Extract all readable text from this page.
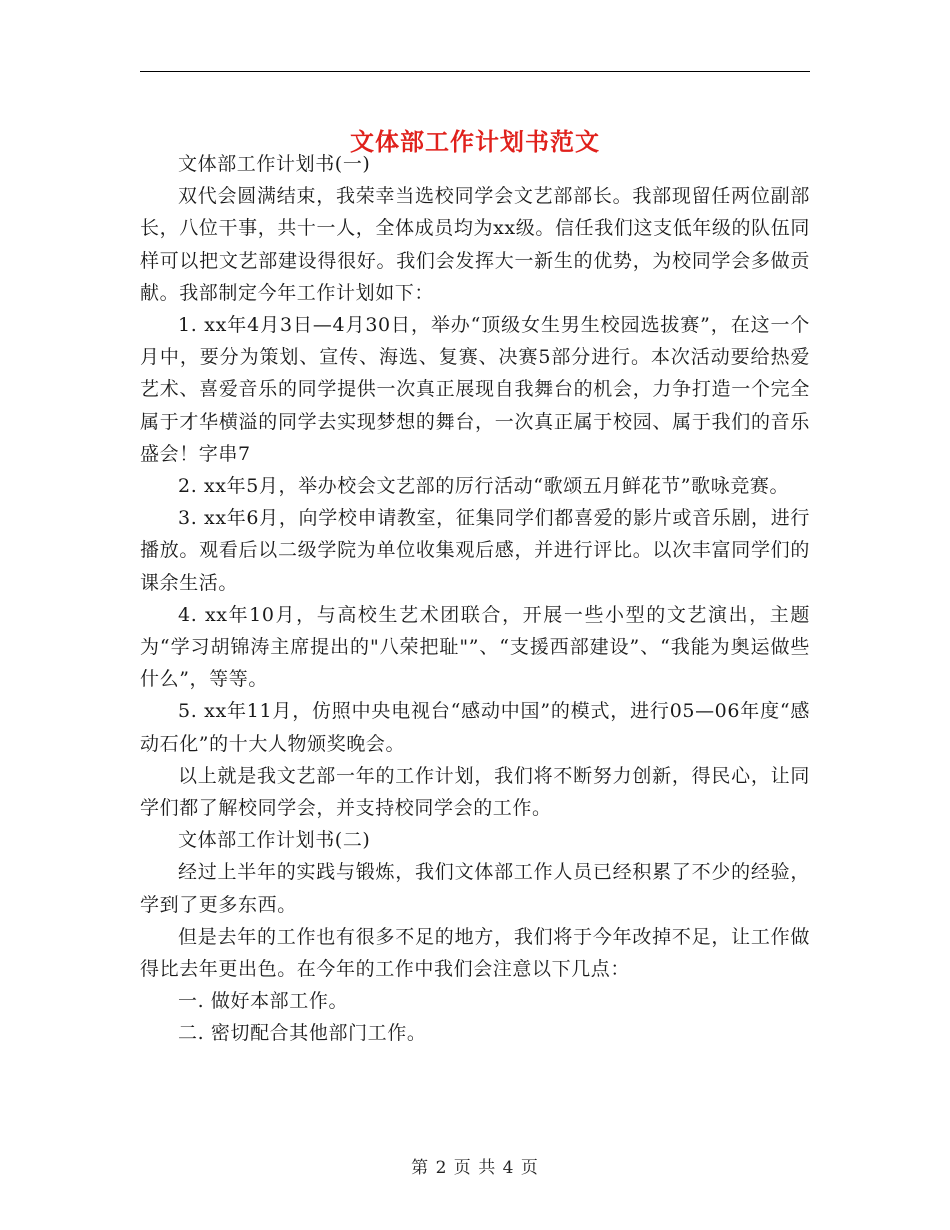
文体部工作计划书范文

文体部工作计划书(一)

双代会圆满结束，我荣幸当选校同学会文艺部部长。我部现留任两位副部长，八位干事，共十一人，全体成员均为xx级。信任我们这支低年级的队伍同样可以把文艺部建设得很好。我们会发挥大一新生的优势，为校同学会多做贡献。我部制定今年工作计划如下：

1. xx年4月3日—4月30日，举办“顶级女生男生校园选拔赛”，在这一个月中，要分为策划、宣传、海选、复赛、决赛5部分进行。本次活动要给热爱艺术、喜爱音乐的同学提供一次真正展现自我舞台的机会，力争打造一个完全属于才华横溢的同学去实现梦想的舞台，一次真正属于校园、属于我们的音乐盛会！字串7

2. xx年5月，举办校会文艺部的厉行活动“歌颂五月鲜花节”歌咏竞赛。

3. xx年6月，向学校申请教室，征集同学们都喜爱的影片或音乐剧，进行播放。观看后以二级学院为单位收集观后感，并进行评比。以次丰富同学们的课余生活。

4. xx年10月，与高校生艺术团联合，开展一些小型的文艺演出，主题为“学习胡锦涛主席提出的"八荣把耻"”、“支援西部建设”、“我能为奥运做些什么”，等等。

5. xx年11月，仿照中央电视台“感动中国”的模式，进行05—06年度“感动石化”的十大人物颁奖晚会。

以上就是我文艺部一年的工作计划，我们将不断努力创新，得民心，让同学们都了解校同学会，并支持校同学会的工作。

文体部工作计划书(二)

经过上半年的实践与锻炼，我们文体部工作人员已经积累了不少的经验，学到了更多东西。

但是去年的工作也有很多不足的地方，我们将于今年改掉不足，让工作做得比去年更出色。在今年的工作中我们会注意以下几点：

一. 做好本部工作。

二. 密切配合其他部门工作。

第 2 页 共 4 页
